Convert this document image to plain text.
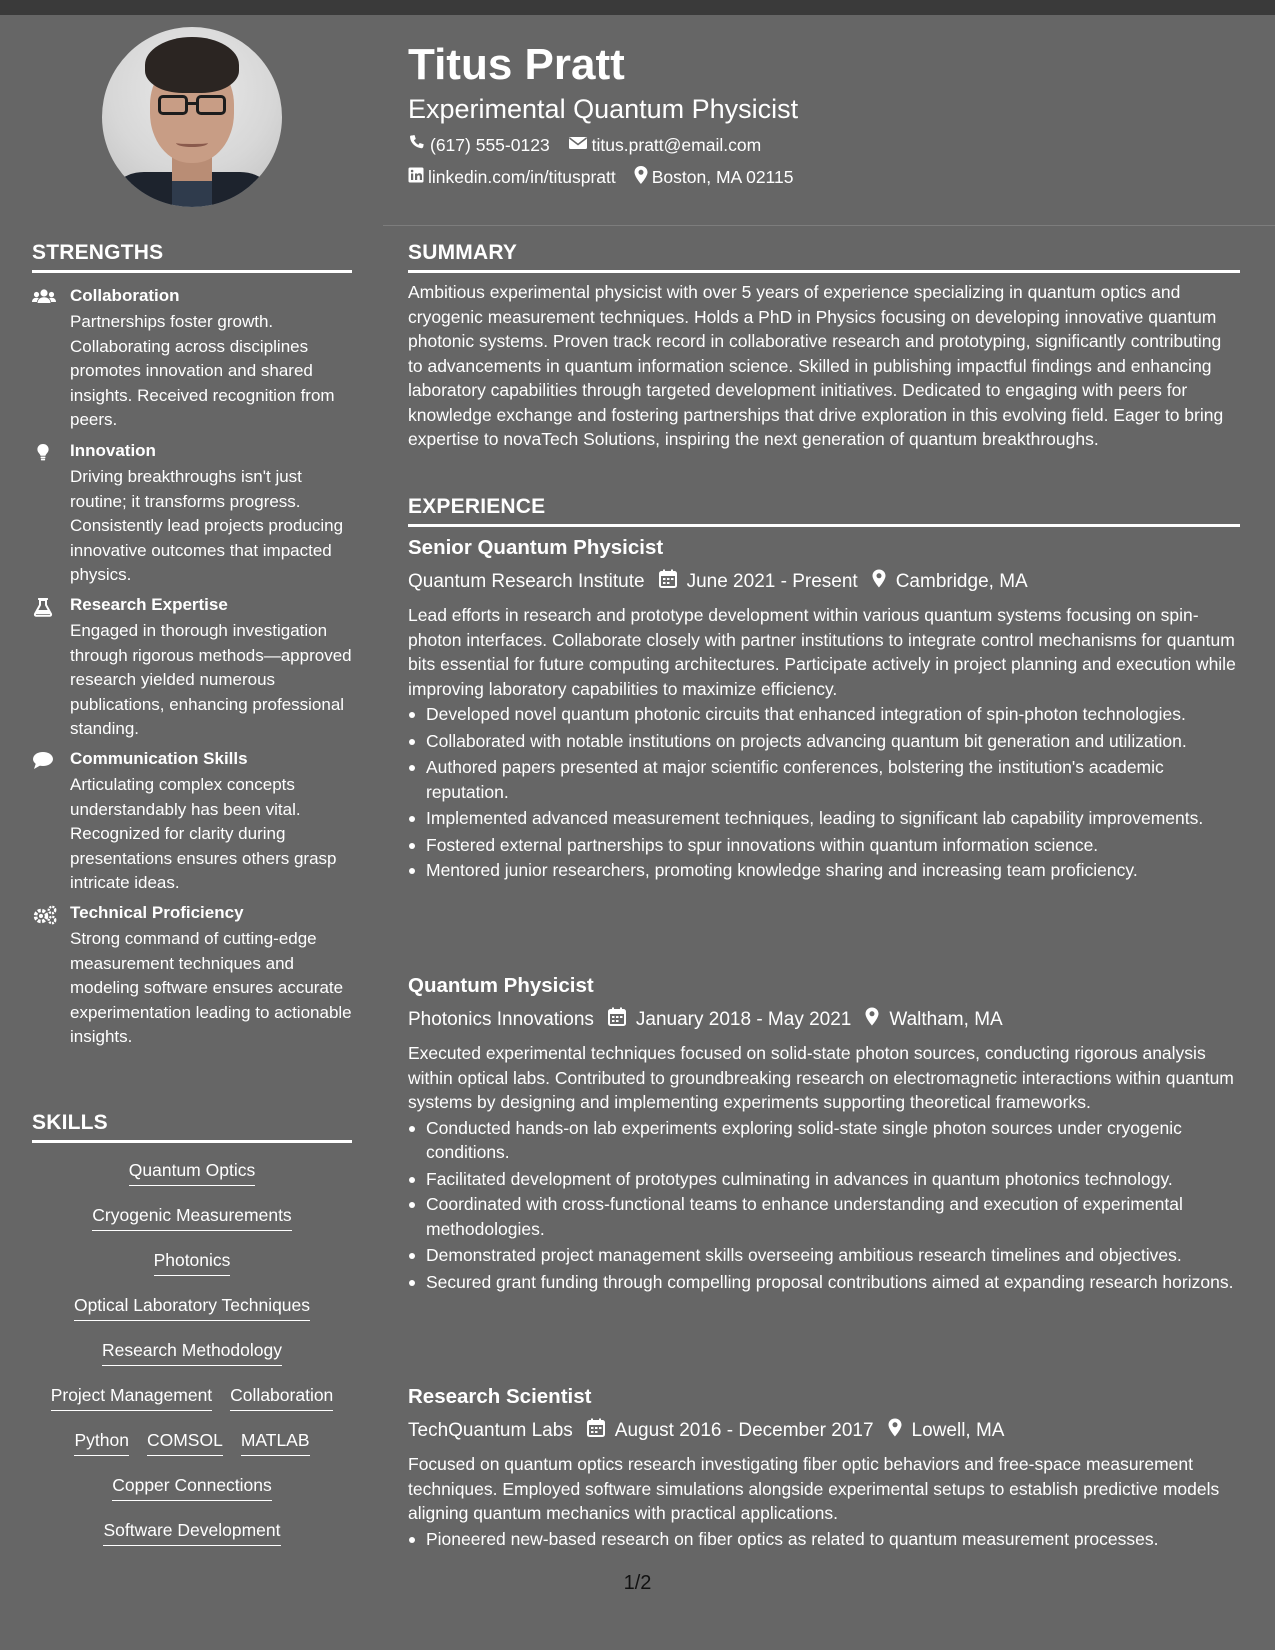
STRENGTHS
Collaboration
Partnerships foster growth. Collaborating across disciplines promotes innovation and shared insights. Received recognition from peers.
Innovation
Driving breakthroughs isn't just routine; it transforms progress. Consistently lead projects producing innovative outcomes that impacted physics.
Research Expertise
Engaged in thorough investigation through rigorous methods—approved research yielded numerous publications, enhancing professional standing.
Communication Skills
Articulating complex concepts understandably has been vital. Recognized for clarity during presentations ensures others grasp intricate ideas.
Technical Proficiency
Strong command of cutting-edge measurement techniques and modeling software ensures accurate experimentation leading to actionable insights.
SKILLS
Quantum Optics
Cryogenic Measurements
Photonics
Optical Laboratory Techniques
Research Methodology
Project Management Collaboration
Python COMSOL MATLAB
Copper Connections
Software Development
Titus Pratt
Experimental Quantum Physicist
(617) 555-0123 titus.pratt@email.com
linkedin.com/in/tituspratt Boston, MA 02115
SUMMARY
Ambitious experimental physicist with over 5 years of experience specializing in quantum optics and cryogenic measurement techniques. Holds a PhD in Physics focusing on developing innovative quantum photonic systems. Proven track record in collaborative research and prototyping, significantly contributing to advancements in quantum information science. Skilled in publishing impactful findings and enhancing laboratory capabilities through targeted development initiatives. Dedicated to engaging with peers for knowledge exchange and fostering partnerships that drive exploration in this evolving field. Eager to bring expertise to novaTech Solutions, inspiring the next generation of quantum breakthroughs.
EXPERIENCE
Senior Quantum Physicist
Quantum Research Institute June 2021 - Present Cambridge, MA
Lead efforts in research and prototype development within various quantum systems focusing on spin-photon interfaces. Collaborate closely with partner institutions to integrate control mechanisms for quantum bits essential for future computing architectures. Participate actively in project planning and execution while improving laboratory capabilities to maximize efficiency.
Developed novel quantum photonic circuits that enhanced integration of spin-photon technologies.
Collaborated with notable institutions on projects advancing quantum bit generation and utilization.
Authored papers presented at major scientific conferences, bolstering the institution's academic reputation.
Implemented advanced measurement techniques, leading to significant lab capability improvements.
Fostered external partnerships to spur innovations within quantum information science.
Mentored junior researchers, promoting knowledge sharing and increasing team proficiency.
Quantum Physicist
Photonics Innovations January 2018 - May 2021 Waltham, MA
Executed experimental techniques focused on solid-state photon sources, conducting rigorous analysis within optical labs. Contributed to groundbreaking research on electromagnetic interactions within quantum systems by designing and implementing experiments supporting theoretical frameworks.
Conducted hands-on lab experiments exploring solid-state single photon sources under cryogenic conditions.
Facilitated development of prototypes culminating in advances in quantum photonics technology.
Coordinated with cross-functional teams to enhance understanding and execution of experimental methodologies.
Demonstrated project management skills overseeing ambitious research timelines and objectives.
Secured grant funding through compelling proposal contributions aimed at expanding research horizons.
Research Scientist
TechQuantum Labs August 2016 - December 2017 Lowell, MA
Focused on quantum optics research investigating fiber optic behaviors and free-space measurement techniques. Employed software simulations alongside experimental setups to establish predictive models aligning quantum mechanics with practical applications.
Pioneered new-based research on fiber optics as related to quantum measurement processes.
1/2
